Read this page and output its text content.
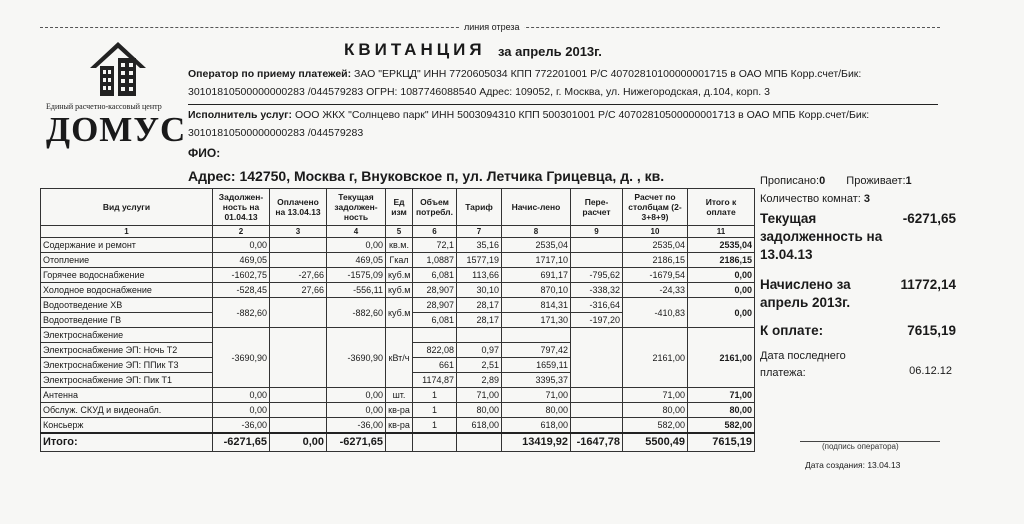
линия отреза
Единый расчетно-кассовый центр
ДОМУС
КВИТАНЦИЯ за апрель 2013г.
Оператор по приему платежей: ЗАО "ЕРКЦД" ИНН 7720605034 КПП 772201001 Р/С 40702810100000001715 в ОАО МПБ Корр.счет/Бик:
30101810500000000283 /044579283 ОГРН: 1087746088540 Адрес: 109052, г. Москва, ул. Нижегородская, д.104, корп. 3
Исполнитель услуг: ООО ЖКХ "Солнцево парк" ИНН 5003094310 КПП 500301001 Р/С 40702810500000001713 в ОАО МПБ Корр.счет/Бик:
30101810500000000283 /044579283
ФИО:
Адрес: 142750, Москва г, Внуковское п, ул. Летчика Грицевца, д. , кв.
Вид услуги	Задолжен-ность на 01.04.13	Оплачено на 13.04.13	Текущая задолжен-ность	Ед изм	Объем потребл.	Тариф	Начис-лено	Пере-расчет	Расчет по столбцам (2-3+8+9)	Итого к оплате
1	2	3	4	5	6	7	8	9	10	11
Содержание и ремонт	0,00		0,00	кв.м.	72,1	35,16	2535,04		2535,04	2535,04
Отопление	469,05		469,05	Гкал	1,0887	1577,19	1717,10		2186,15	2186,15
Горячее водоснабжение	-1602,75	-27,66	-1575,09	куб.м	6,081	113,66	691,17	-795,62	-1679,54	0,00
Холодное водоснабжение	-528,45	27,66	-556,11	куб.м	28,907	30,10	870,10	-338,32	-24,33	0,00
Водоотведение ХВ	-882,60		-882,60	куб.м	28,907	28,17	814,31	-316,64	-410,83	0,00
Водоотведение ГВ					6,081	28,17	171,30	-197,20		
Электроснабжение	-3690,90		-3690,90	кВт/ч					2161,00	2161,00
Электроснабжение ЭП: Ночь Т2					822,08	0,97	797,42			
Электроснабжение ЭП: ППик Т3					661	2,51	1659,11			
Электроснабжение ЭП: Пик Т1					1174,87	2,89	3395,37			
Антенна	0,00		0,00	шт.	1	71,00	71,00		71,00	71,00
Обслуж. СКУД и видеонабл.	0,00		0,00	кв-ра	1	80,00	80,00		80,00	80,00
Консьерж	-36,00		-36,00	кв-ра	1	618,00	618,00		582,00	582,00
Итого:	-6271,65	0,00	-6271,65				13419,92	-1647,78	5500,49	7615,19
Прописано:0 Проживает:1
Количество комнат: 3
Текущая задолженность на 13.04.13
-6271,65
Начислено за апрель 2013г.
11772,14
К оплате:	7615,19
Дата последнего платежа:	06.12.12
(подпись оператора)
Дата создания: 13.04.13
